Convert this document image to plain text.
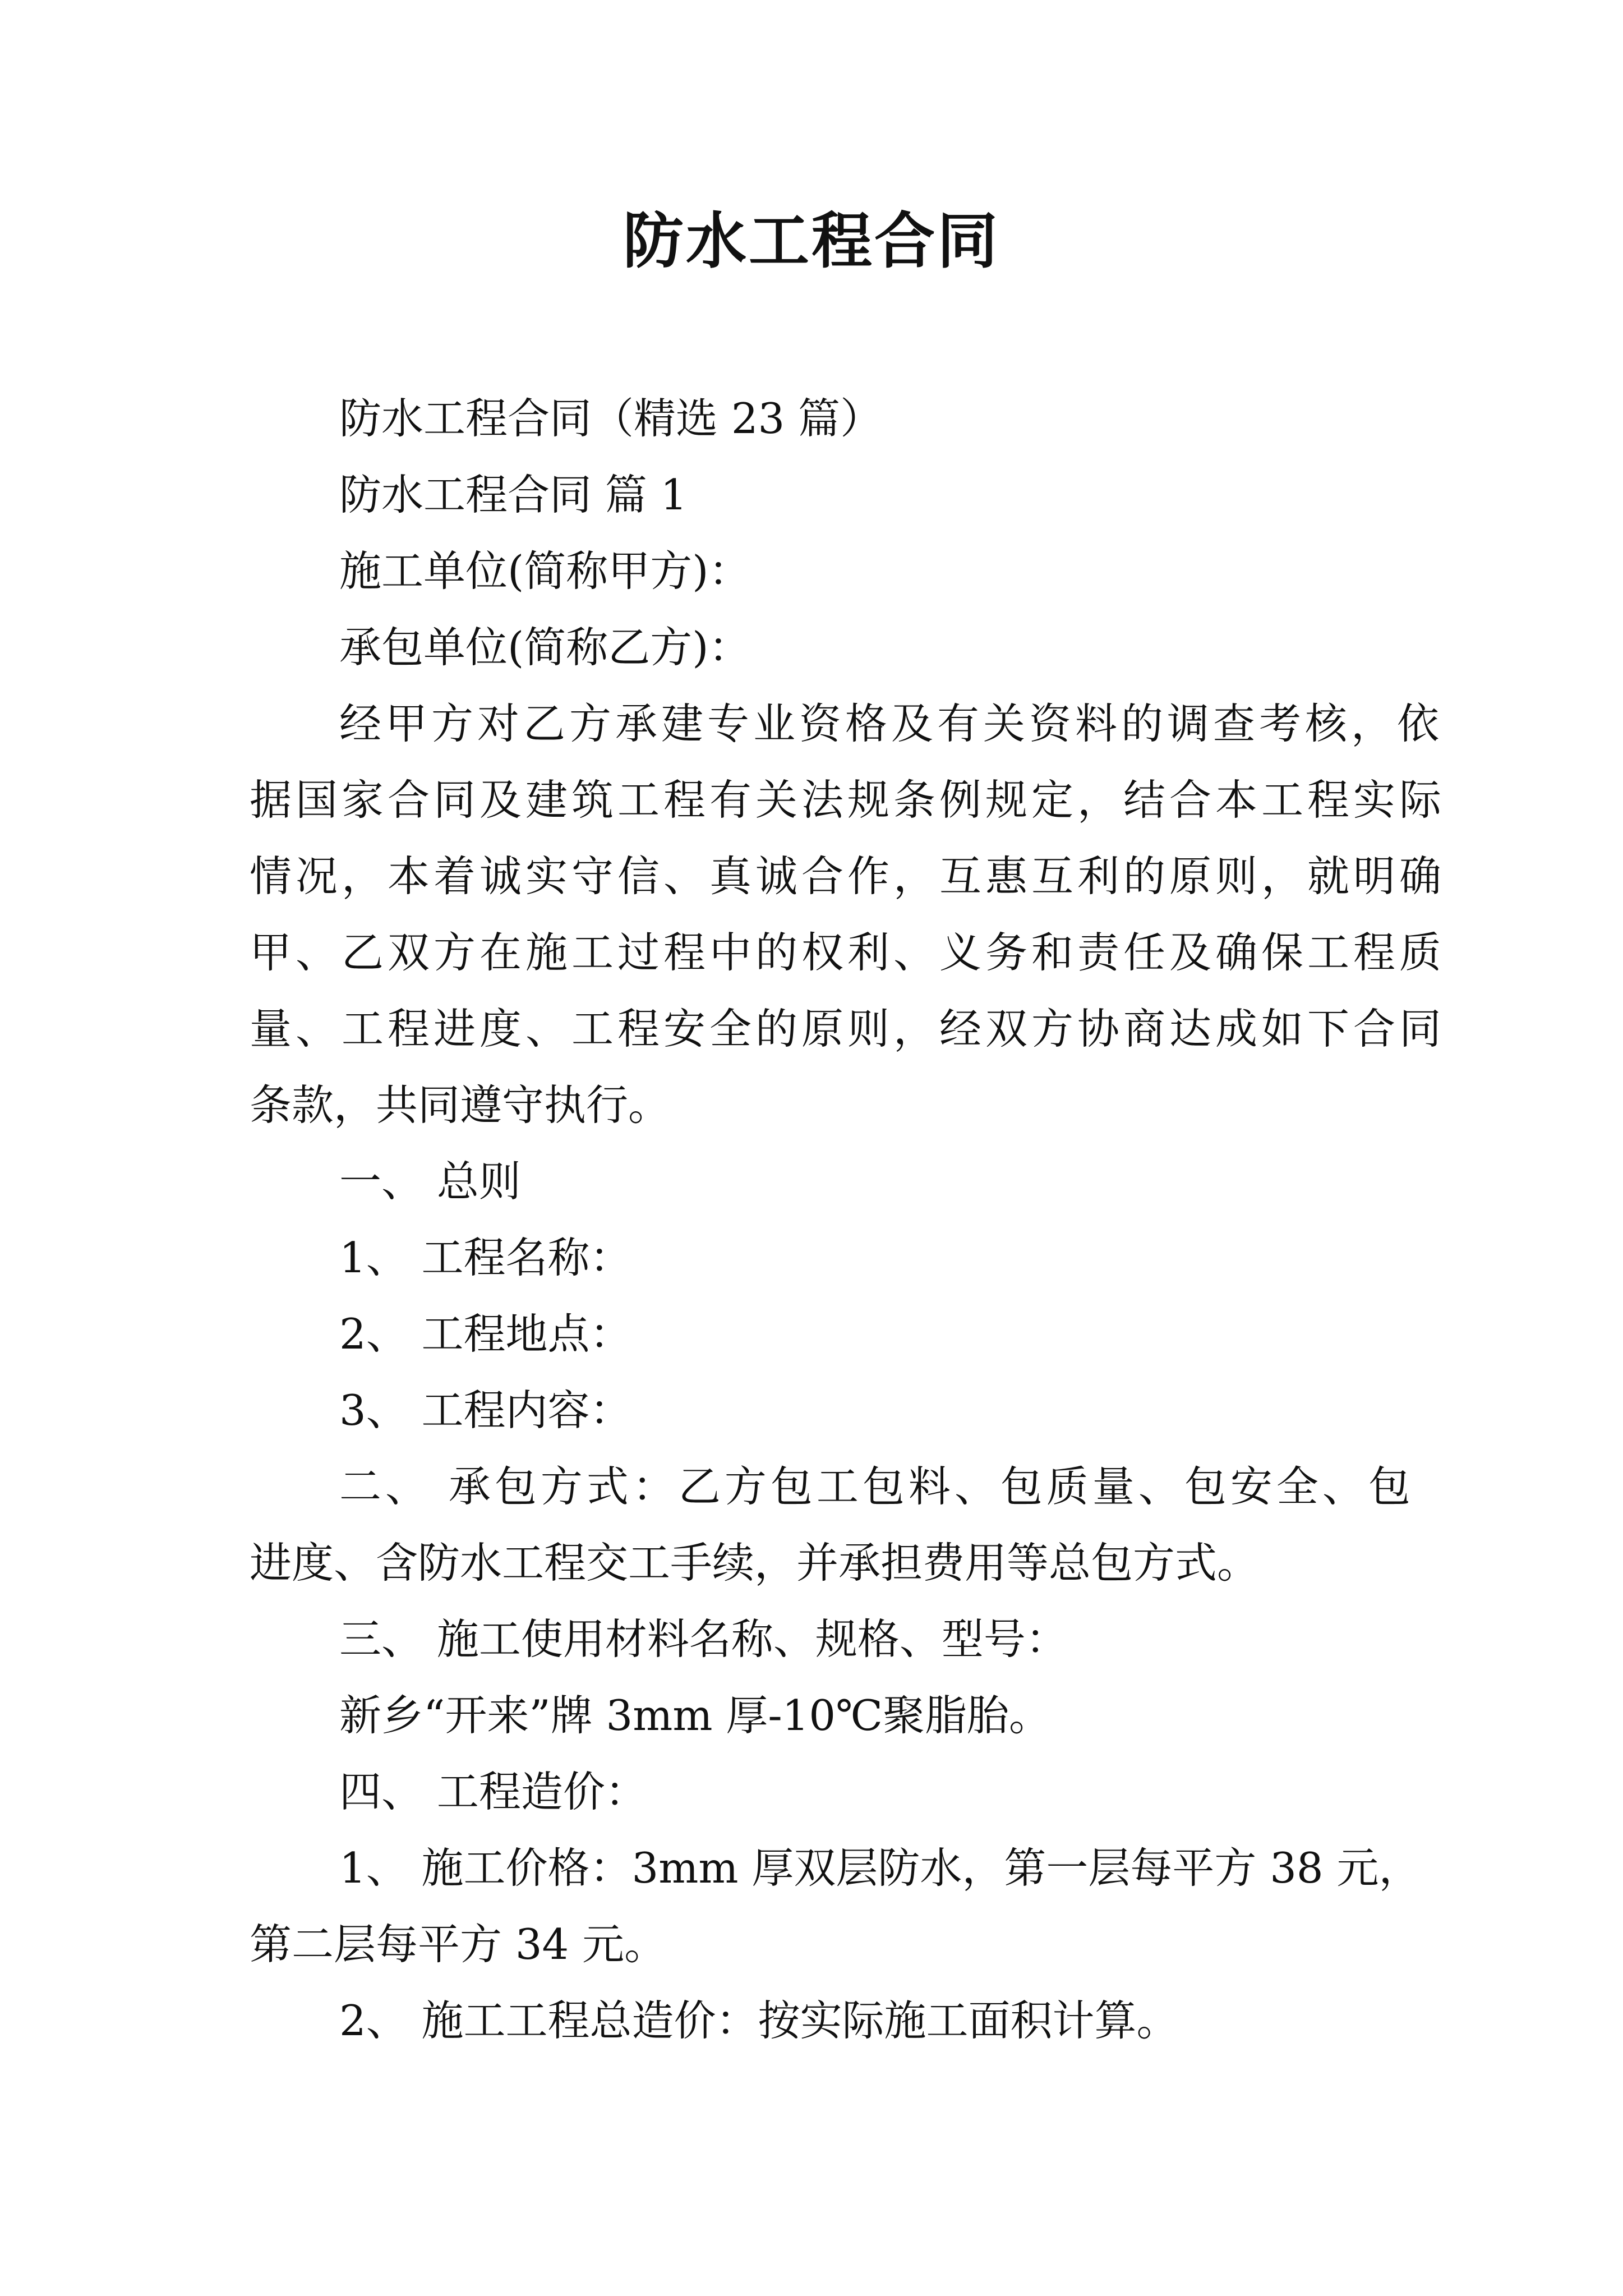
防水工程合同

防水工程合同（精选 23 篇）

防水工程合同 篇 1

施工单位(简称甲方)：

承包单位(简称乙方)：

经甲方对乙方承建专业资格及有关资料的调查考核，依

据国家合同及建筑工程有关法规条例规定，结合本工程实际

情况，本着诚实守信、真诚合作，互惠互利的原则，就明确

甲、乙双方在施工过程中的权利、义务和责任及确保工程质

量、工程进度、工程安全的原则，经双方协商达成如下合同

条款，共同遵守执行。

一、 总则

1、 工程名称：

2、 工程地点：

3、 工程内容：

二、 承包方式：乙方包工包料、包质量、包安全、包

进度、含防水工程交工手续，并承担费用等总包方式。

三、 施工使用材料名称、规格、型号：

新乡“开来”牌 3mm 厚-10℃聚脂胎。

四、 工程造价：

1、 施工价格：3mm 厚双层防水，第一层每平方 38 元，

第二层每平方 34 元。

2、 施工工程总造价：按实际施工面积计算。
